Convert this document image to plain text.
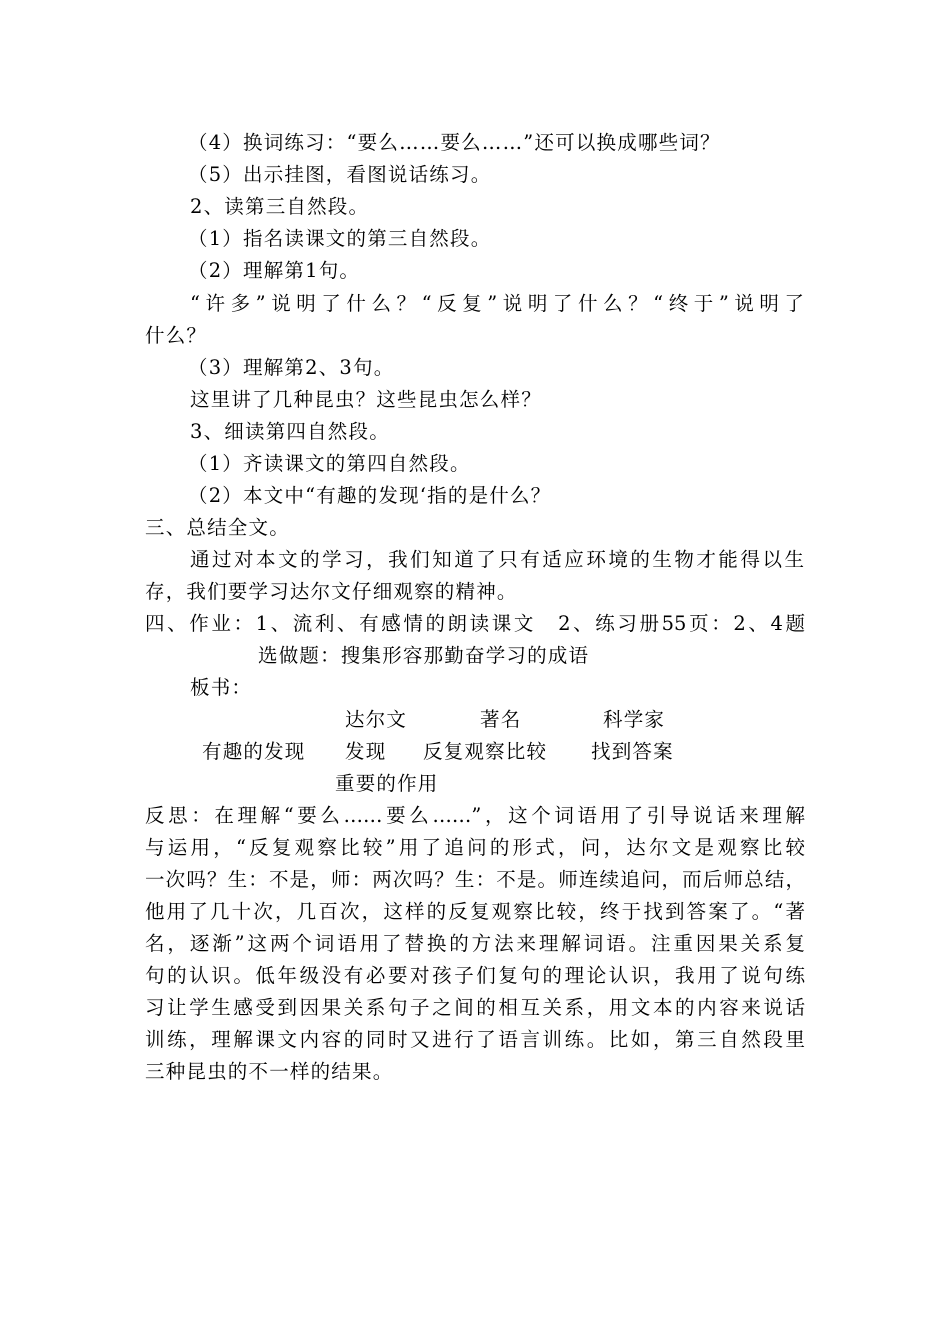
（4）换词练习：“要么……要么……”还可以换成哪些词？
（5）出示挂图，看图说话练习。
2、读第三自然段。
（1）指名读课文的第三自然段。
（2）理解第1句。
“许多”说明了什么？“反复”说明了什么？“终于”说明了
什么？
（3）理解第2、3句。
这里讲了几种昆虫？这些昆虫怎么样？
3、细读第四自然段。
（1）齐读课文的第四自然段。
（2）本文中“有趣的发现‘指的是什么？
三、总结全文。
通过对本文的学习，我们知道了只有适应环境的生物才能得以生
存，我们要学习达尔文仔细观察的精神。
四、作业：1、流利、有感情的朗读课文　2、练习册55页：2、4题
选做题：搜集形容那勤奋学习的成语
板书：
达尔文	著名	科学家
有趣的发现 发现 反复观察比较 找到答案
重要的作用
反思：在理解“要么……要么……”，这个词语用了引导说话来理解
与运用，“反复观察比较”用了追问的形式，问，达尔文是观察比较
一次吗？生：不是，师：两次吗？生：不是。师连续追问，而后师总结，
他用了几十次，几百次，这样的反复观察比较，终于找到答案了。“著
名，逐渐”这两个词语用了替换的方法来理解词语。注重因果关系复
句的认识。低年级没有必要对孩子们复句的理论认识，我用了说句练
习让学生感受到因果关系句子之间的相互关系，用文本的内容来说话
训练，理解课文内容的同时又进行了语言训练。比如，第三自然段里
三种昆虫的不一样的结果。
